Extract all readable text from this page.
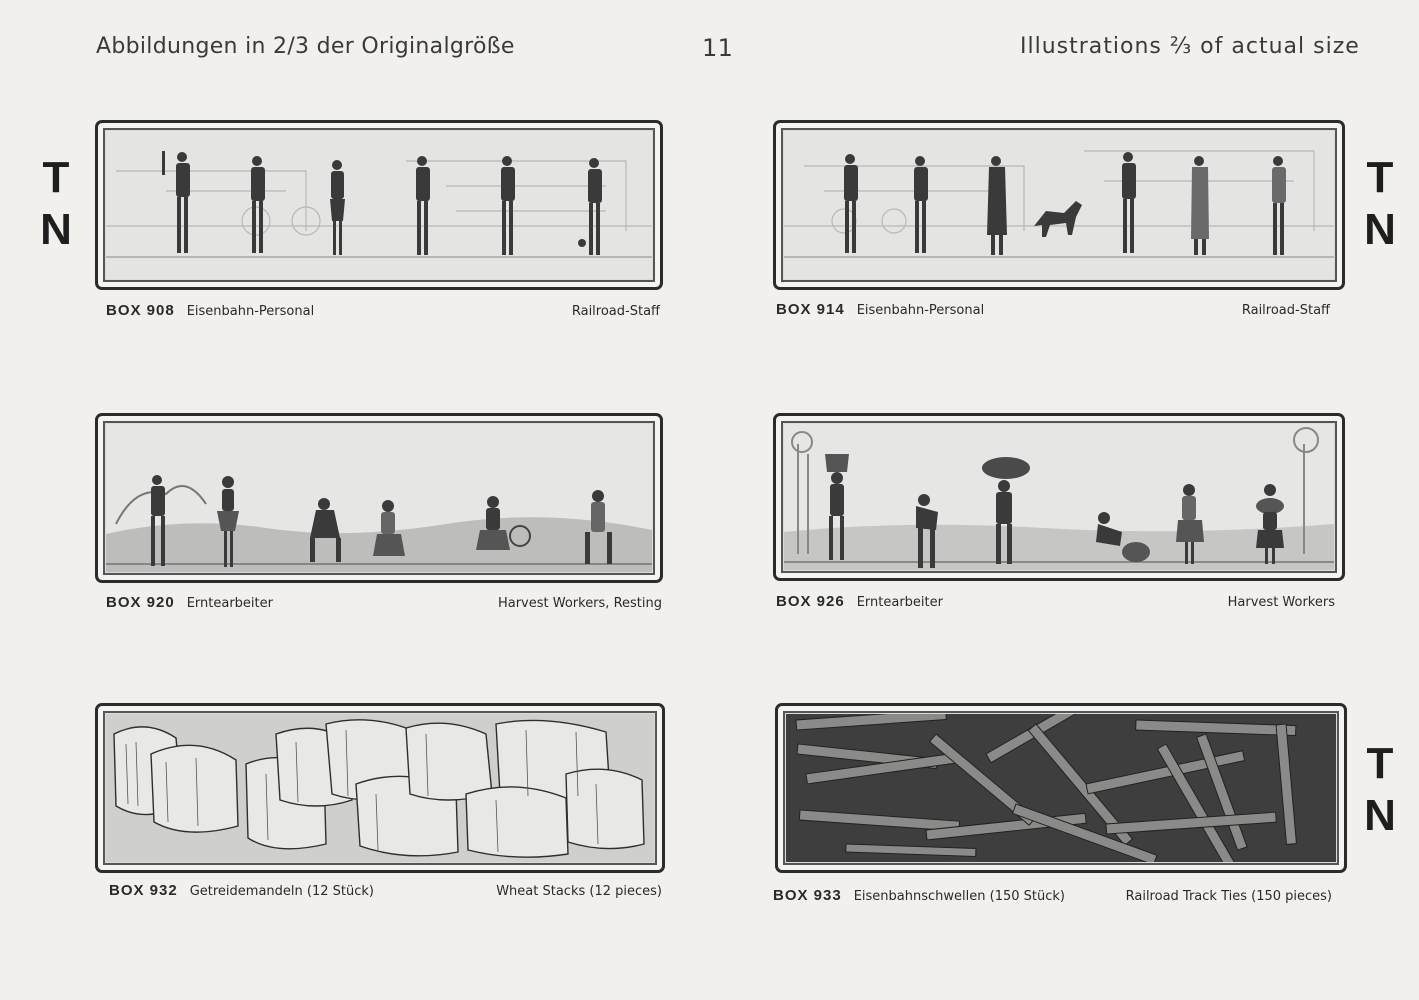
Abbildungen in 2/3 der Originalgröße	11	Illustrations ⅔ of actual size
T
N
T
N
T
N
BOX 908 Eisenbahn-Personal	Railroad-Staff	BOX 914 Eisenbahn-Personal	Railroad-Staff
BOX 920 Erntearbeiter	Harvest Workers, Resting	BOX 926 Erntearbeiter	Harvest Workers
BOX 932 Getreidemandeln (12 Stück)	Wheat Stacks (12 pieces)	BOX 933 Eisenbahnschwellen (150 Stück)	Railroad Track Ties (150 pieces)
